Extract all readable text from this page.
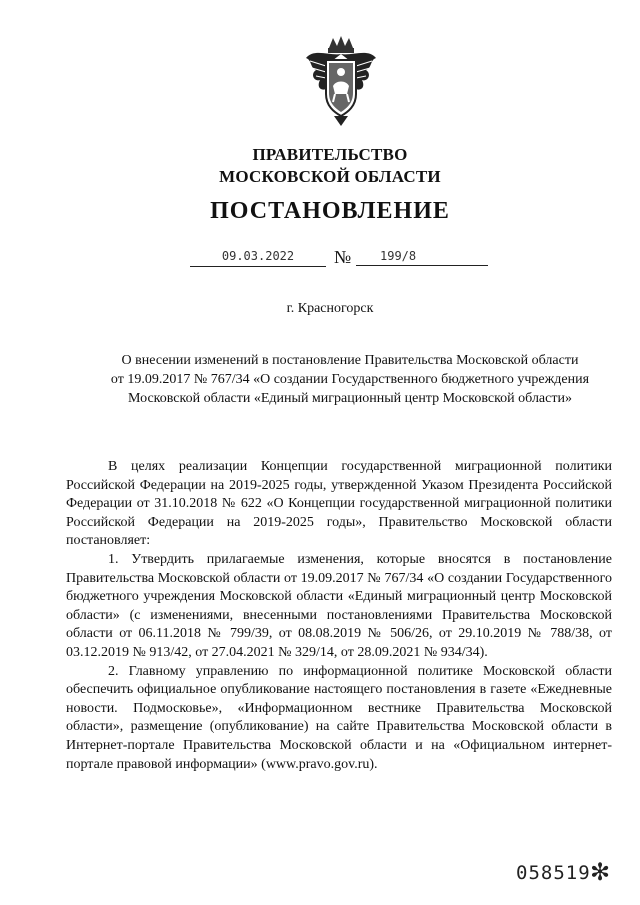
ПРАВИТЕЛЬСТВО
МОСКОВСКОЙ ОБЛАСТИ
ПОСТАНОВЛЕНИЕ
09.03.2022	№	199/8
г. Красногорск
О внесении изменений в постановление Правительства Московской области
от 19.09.2017 № 767/34 «О создании Государственного бюджетного учреждения
Московской области «Единый миграционный центр Московской области»

В целях реализации Концепции государственной миграционной политики Российской Федерации на 2019-2025 годы, утвержденной Указом Президента Российской Федерации от 31.10.2018 № 622 «О Концепции государственной миграционной политики Российской Федерации на 2019-2025 годы», Правительство Московской области постановляет:

1. Утвердить прилагаемые изменения, которые вносятся в постановление Правительства Московской области от 19.09.2017 № 767/34 «О создании Государственного бюджетного учреждения Московской области «Единый миграционный центр Московской области» (с изменениями, внесенными постановлениями Правительства Московской области от 06.11.2018 № 799/39, от 08.08.2019 № 506/26, от 29.10.2019 № 788/38, от 03.12.2019 № 913/42, от 27.04.2021 № 329/14, от 28.09.2021 № 934/34).

2. Главному управлению по информационной политике Московской области обеспечить официальное опубликование настоящего постановления в газете «Ежедневные новости. Подмосковье», «Информационном вестнике Правительства Московской области», размещение (опубликование) на сайте Правительства Московской области в Интернет-портале Правительства Московской области и на «Официальном интернет-портале правовой информации» (www.pravo.gov.ru).

058519 ✻
